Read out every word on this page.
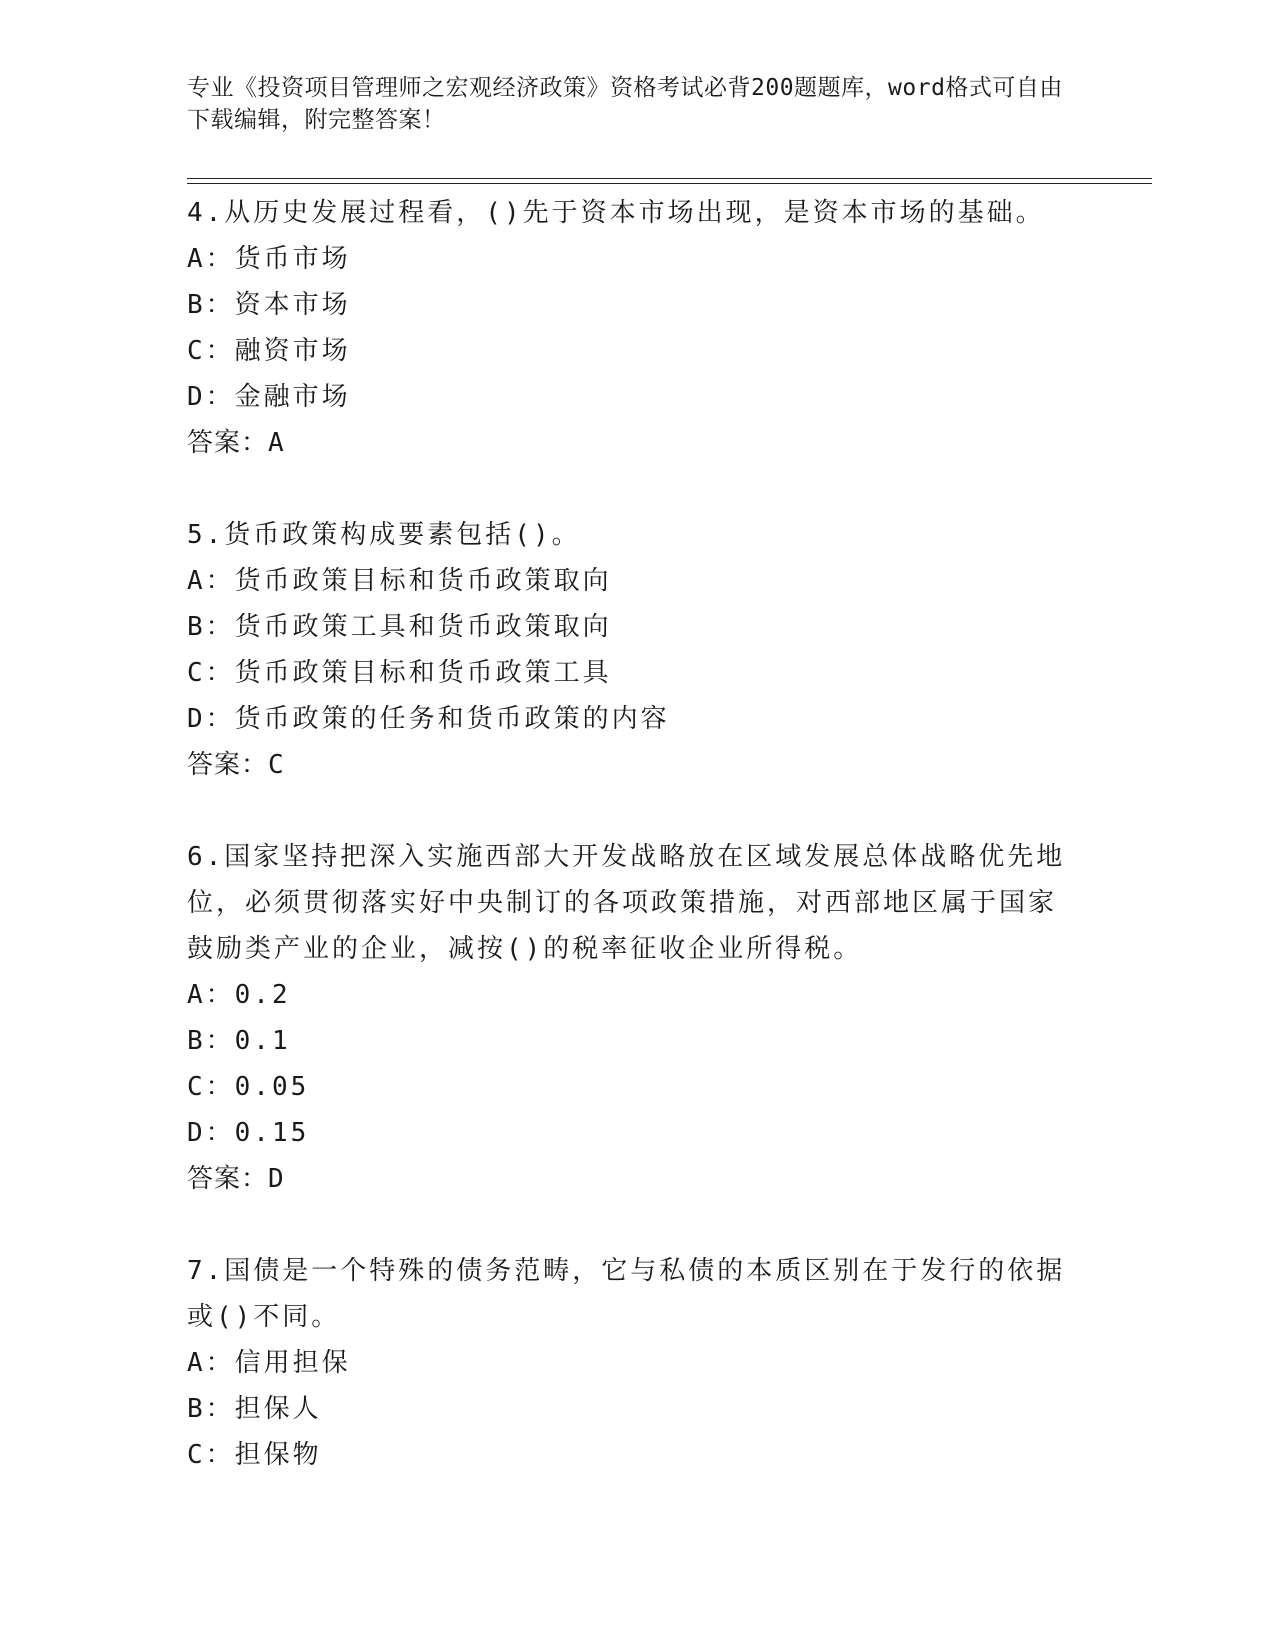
专业《投资项目管理师之宏观经济政策》资格考试必背200题题库，word格式可自由下载编辑，附完整答案！
4.从历史发展过程看，()先于资本市场出现，是资本市场的基础。
A：货币市场
B：资本市场
C：融资市场
D：金融市场
答案：A
5.货币政策构成要素包括()。
A：货币政策目标和货币政策取向
B：货币政策工具和货币政策取向
C：货币政策目标和货币政策工具
D：货币政策的任务和货币政策的内容
答案：C
6.国家坚持把深入实施西部大开发战略放在区域发展总体战略优先地位，必须贯彻落实好中央制订的各项政策措施，对西部地区属于国家鼓励类产业的企业，减按()的税率征收企业所得税。
A：0.2
B：0.1
C：0.05
D：0.15
答案：D
7.国债是一个特殊的债务范畴，它与私债的本质区别在于发行的依据或()不同。
A：信用担保
B：担保人
C：担保物
